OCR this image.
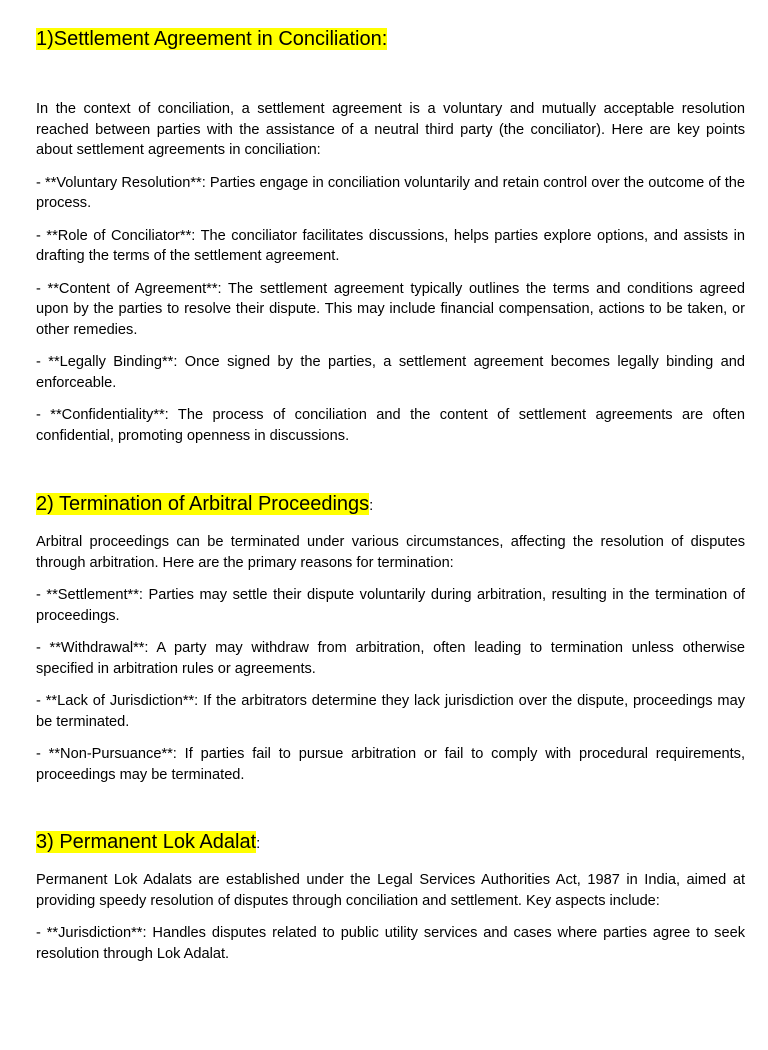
1)Settlement Agreement in Conciliation:

In the context of conciliation, a settlement agreement is a voluntary and mutually acceptable resolution reached between parties with the assistance of a neutral third party (the conciliator). Here are key points about settlement agreements in conciliation:

- **Voluntary Resolution**: Parties engage in conciliation voluntarily and retain control over the outcome of the process.

- **Role of Conciliator**: The conciliator facilitates discussions, helps parties explore options, and assists in drafting the terms of the settlement agreement.

- **Content of Agreement**: The settlement agreement typically outlines the terms and conditions agreed upon by the parties to resolve their dispute. This may include financial compensation, actions to be taken, or other remedies.

- **Legally Binding**: Once signed by the parties, a settlement agreement becomes legally binding and enforceable.

- **Confidentiality**: The process of conciliation and the content of settlement agreements are often confidential, promoting openness in discussions.

2) Termination of Arbitral Proceedings:

Arbitral proceedings can be terminated under various circumstances, affecting the resolution of disputes through arbitration. Here are the primary reasons for termination:

- **Settlement**: Parties may settle their dispute voluntarily during arbitration, resulting in the termination of proceedings.

- **Withdrawal**: A party may withdraw from arbitration, often leading to termination unless otherwise specified in arbitration rules or agreements.

- **Lack of Jurisdiction**: If the arbitrators determine they lack jurisdiction over the dispute, proceedings may be terminated.

- **Non-Pursuance**: If parties fail to pursue arbitration or fail to comply with procedural requirements, proceedings may be terminated.

3) Permanent Lok Adalat:

Permanent Lok Adalats are established under the Legal Services Authorities Act, 1987 in India, aimed at providing speedy resolution of disputes through conciliation and settlement. Key aspects include:

- **Jurisdiction**: Handles disputes related to public utility services and cases where parties agree to seek resolution through Lok Adalat.
